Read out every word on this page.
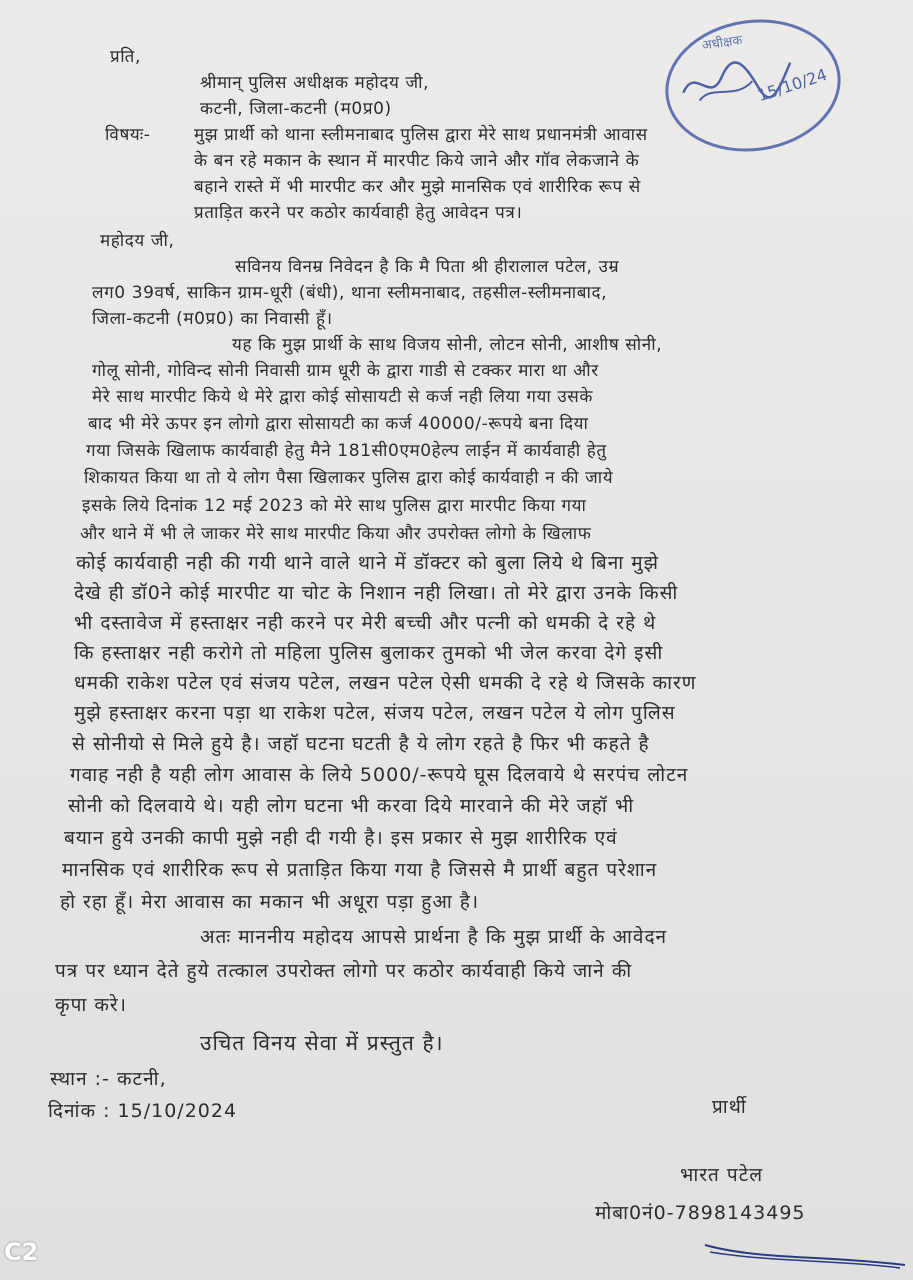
अधीक्षक
15/10/24
प्रति,
श्रीमान् पुलिस अधीक्षक महोदय जी,
कटनी, जिला-कटनी (म0प्र0)
विषयः-	मुझ प्रार्थी को थाना स्लीमनाबाद पुलिस द्वारा मेरे साथ प्रधानमंत्री आवास
के बन रहे मकान के स्थान में मारपीट किये जाने और गॉव लेकजाने के
बहाने रास्ते में भी मारपीट कर और मुझे मानसिक एवं शारीरिक रूप से
प्रताड़ित करने पर कठोर कार्यवाही हेतु आवेदन पत्र।
महोदय जी,
सविनय विनम्र निवेदन है कि मै पिता श्री हीरालाल पटेल, उम्र
लग0 39वर्ष, साकिन ग्राम-धूरी (बंधी), थाना स्लीमनाबाद, तहसील-स्लीमनाबाद,
जिला-कटनी (म0प्र0) का निवासी हूँ।
यह कि मुझ प्रार्थी के साथ विजय सोनी, लोटन सोनी, आशीष सोनी,
गोलू सोनी, गोविन्द सोनी निवासी ग्राम धूरी के द्वारा गाडी से टक्कर मारा था और
मेरे साथ मारपीट किये थे मेरे द्वारा कोई सोसायटी से कर्ज नही लिया गया उसके
बाद भी मेरे ऊपर इन लोगो द्वारा सोसायटी का कर्ज 40000/-रूपये बना दिया
गया जिसके खिलाफ कार्यवाही हेतु मैने 181सी0एम0हेल्प लाईन में कार्यवाही हेतु
शिकायत किया था तो ये लोग पैसा खिलाकर पुलिस द्वारा कोई कार्यवाही न की जाये
इसके लिये दिनांक 12 मई 2023 को मेरे साथ पुलिस द्वारा मारपीट किया गया
और थाने में भी ले जाकर मेरे साथ मारपीट किया और उपरोक्त लोगो के खिलाफ
कोई कार्यवाही नही की गयी थाने वाले थाने में डॉक्टर को बुला लिये थे बिना मुझे
देखे ही डॉ0ने कोई मारपीट या चोट के निशान नही लिखा। तो मेरे द्वारा उनके किसी
भी दस्तावेज में हस्ताक्षर नही करने पर मेरी बच्ची और पत्नी को धमकी दे रहे थे
कि हस्ताक्षर नही करोगे तो महिला पुलिस बुलाकर तुमको भी जेल करवा देगे इसी
धमकी राकेश पटेल एवं संजय पटेल, लखन पटेल ऐसी धमकी दे रहे थे जिसके कारण
मुझे हस्ताक्षर करना पड़ा था राकेश पटेल, संजय पटेल, लखन पटेल ये लोग पुलिस
से सोनीयो से मिले हुये है। जहॉ घटना घटती है ये लोग रहते है फिर भी कहते है
गवाह नही है यही लोग आवास के लिये 5000/-रूपये घूस दिलवाये थे सरपंच लोटन
सोनी को दिलवाये थे। यही लोग घटना भी करवा दिये मारवाने की मेरे जहॉ भी
बयान हुये उनकी कापी मुझे नही दी गयी है। इस प्रकार से मुझ शारीरिक एवं
मानसिक एवं शारीरिक रूप से प्रताड़ित किया गया है जिससे मै प्रार्थी बहुत परेशान
हो रहा हूँ। मेरा आवास का मकान भी अधूरा पड़ा हुआ है।
अतः माननीय महोदय आपसे प्रार्थना है कि मुझ प्रार्थी के आवेदन
पत्र पर ध्यान देते हुये तत्काल उपरोक्त लोगो पर कठोर कार्यवाही किये जाने की
कृपा करे।
उचित विनय सेवा में प्रस्तुत है।
स्थान :- कटनी,
दिनांक : 15/10/2024	प्रार्थी
भारत पटेल
मोबा0नं0-7898143495
C2
